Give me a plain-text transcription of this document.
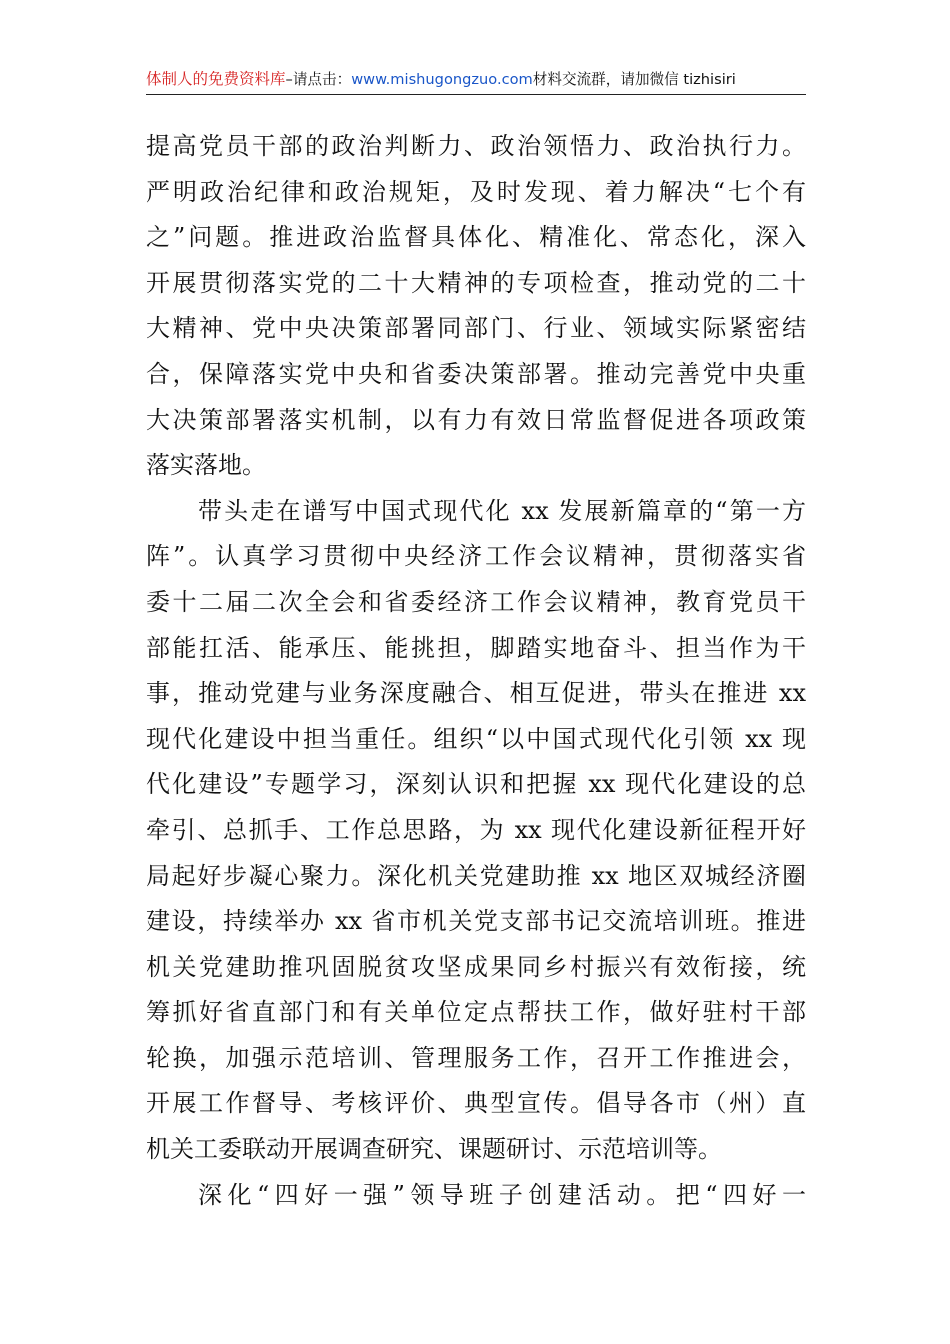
体制人的免费资料库–请点击：www.mishugongzuo.com材料交流群，请加微信 tizhisiri
提高党员干部的政治判断力、政治领悟力、政治执行力。
严明政治纪律和政治规矩，及时发现、着力解决“七个有
之”问题。推进政治监督具体化、精准化、常态化，深入
开展贯彻落实党的二十大精神的专项检查，推动党的二十
大精神、党中央决策部署同部门、行业、领域实际紧密结
合，保障落实党中央和省委决策部署。推动完善党中央重
大决策部署落实机制，以有力有效日常监督促进各项政策
落实落地。
带头走在谱写中国式现代化 xx 发展新篇章的“第一方
阵”。认真学习贯彻中央经济工作会议精神，贯彻落实省
委十二届二次全会和省委经济工作会议精神，教育党员干
部能扛活、能承压、能挑担，脚踏实地奋斗、担当作为干
事，推动党建与业务深度融合、相互促进，带头在推进 xx
现代化建设中担当重任。组织“以中国式现代化引领 xx 现
代化建设”专题学习，深刻认识和把握 xx 现代化建设的总
牵引、总抓手、工作总思路，为 xx 现代化建设新征程开好
局起好步凝心聚力。深化机关党建助推 xx 地区双城经济圈
建设，持续举办 xx 省市机关党支部书记交流培训班。推进
机关党建助推巩固脱贫攻坚成果同乡村振兴有效衔接，统
筹抓好省直部门和有关单位定点帮扶工作，做好驻村干部
轮换，加强示范培训、管理服务工作，召开工作推进会，
开展工作督导、考核评价、典型宣传。倡导各市（州）直
机关工委联动开展调查研究、课题研讨、示范培训等。
深化“四好一强”领导班子创建活动。把“四好一
